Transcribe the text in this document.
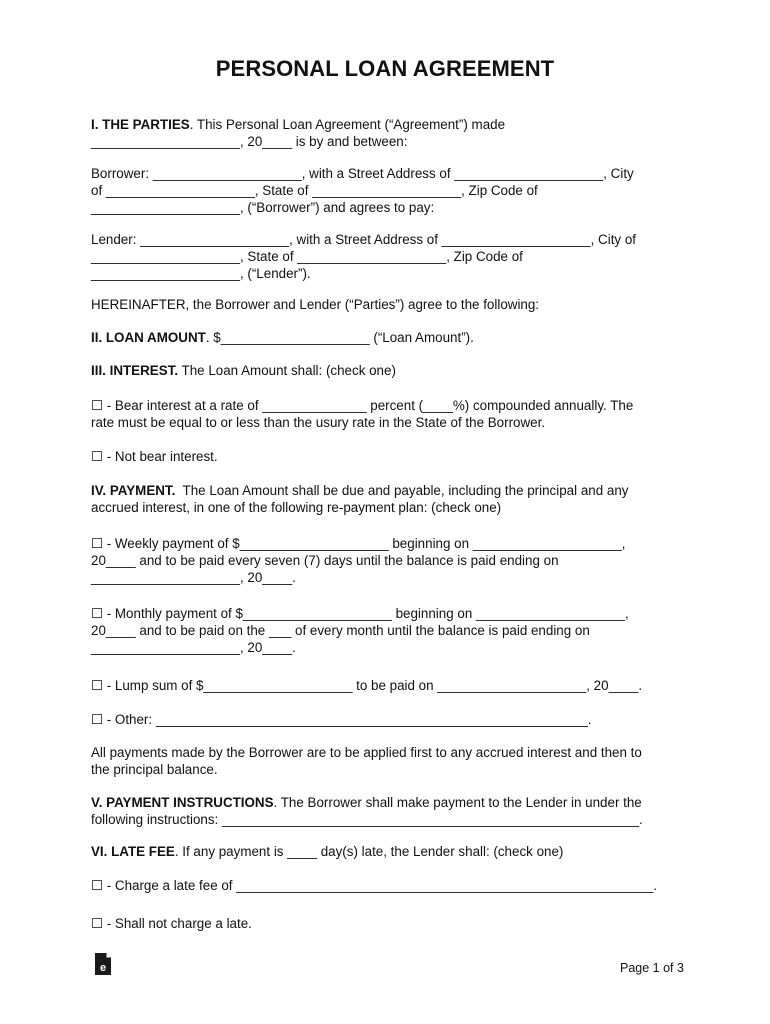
PERSONAL LOAN AGREEMENT
I. THE PARTIES. This Personal Loan Agreement (“Agreement”) made
____________________, 20____ is by and between:
Borrower: ____________________, with a Street Address of ____________________, City
of ____________________, State of ____________________, Zip Code of
____________________, (“Borrower”) and agrees to pay:
Lender: ____________________, with a Street Address of ____________________, City of
____________________, State of ____________________, Zip Code of
____________________, (“Lender”).
HEREINAFTER, the Borrower and Lender (“Parties”) agree to the following:
II. LOAN AMOUNT. $____________________ (“Loan Amount”).
III. INTEREST. The Loan Amount shall: (check one)
☐ - Bear interest at a rate of ______________ percent (____%) compounded annually. The
rate must be equal to or less than the usury rate in the State of the Borrower.
☐ - Not bear interest.
IV. PAYMENT.  The Loan Amount shall be due and payable, including the principal and any
accrued interest, in one of the following re-payment plan: (check one)
☐ - Weekly payment of $____________________ beginning on ____________________,
20____ and to be paid every seven (7) days until the balance is paid ending on
____________________, 20____.
☐ - Monthly payment of $____________________ beginning on ____________________,
20____ and to be paid on the ___ of every month until the balance is paid ending on
____________________, 20____.
☐ - Lump sum of $____________________ to be paid on ____________________, 20____.
☐ - Other: __________________________________________________________.
All payments made by the Borrower are to be applied first to any accrued interest and then to
the principal balance.
V. PAYMENT INSTRUCTIONS. The Borrower shall make payment to the Lender in under the
following instructions: ________________________________________________________.
VI. LATE FEE. If any payment is ____ day(s) late, the Lender shall: (check one)
☐ - Charge a late fee of ________________________________________________________.
☐ - Shall not charge a late.
e	Page 1 of 3
